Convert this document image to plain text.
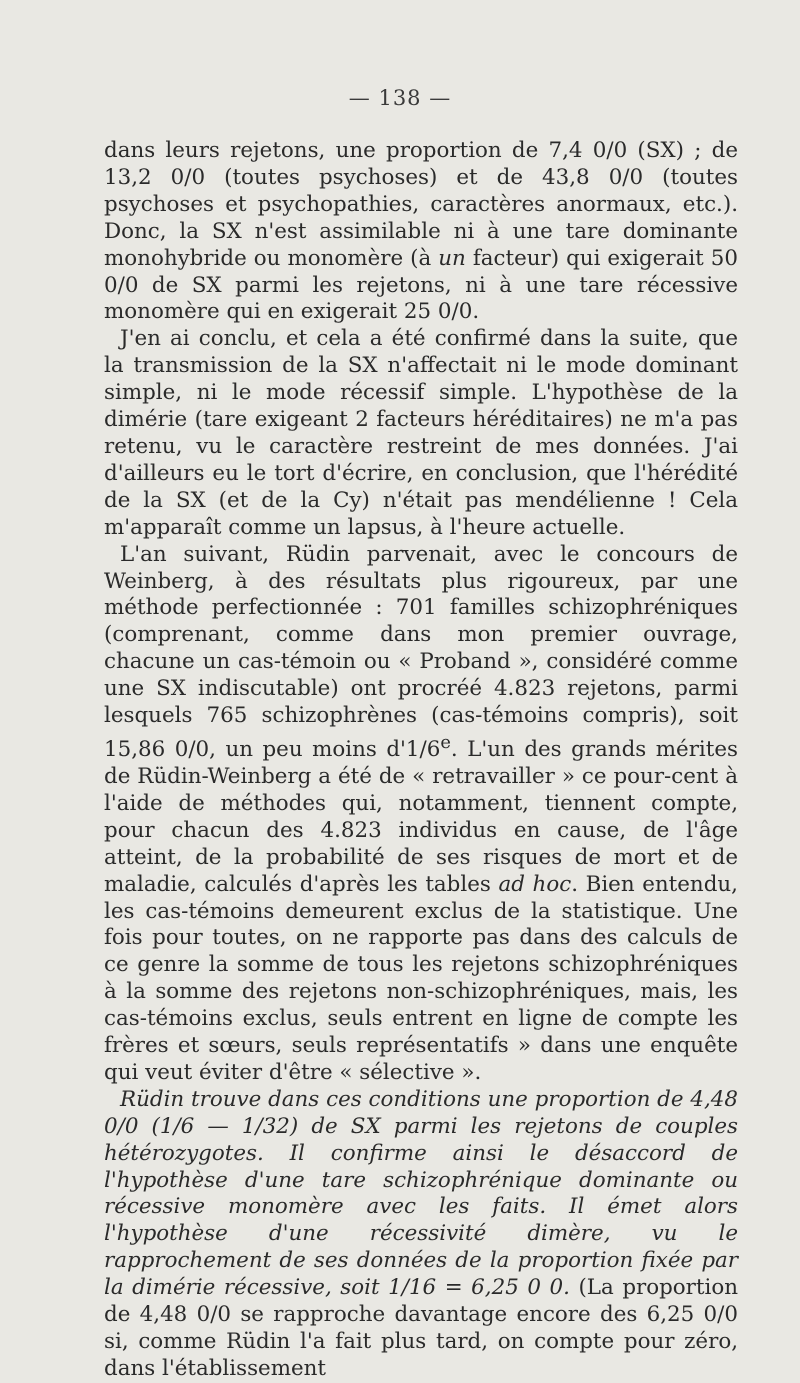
— 138 —

dans leurs rejetons, une proportion de 7,4 0/0 (SX) ; de 13,2 0/0 (toutes psychoses) et de 43,8 0/0 (toutes psychoses et psychopathies, caractères anormaux, etc.). Donc, la SX n'est assimilable ni à une tare dominante monohybride ou monomère (à un facteur) qui exigerait 50 0/0 de SX parmi les rejetons, ni à une tare récessive monomère qui en exigerait 25 0/0.

J'en ai conclu, et cela a été confirmé dans la suite, que la transmission de la SX n'affectait ni le mode dominant simple, ni le mode récessif simple. L'hypothèse de la dimérie (tare exigeant 2 facteurs héréditaires) ne m'a pas retenu, vu le caractère restreint de mes données. J'ai d'ailleurs eu le tort d'écrire, en conclusion, que l'hérédité de la SX (et de la Cy) n'était pas mendélienne ! Cela m'apparaît comme un lapsus, à l'heure actuelle.

L'an suivant, Rüdin parvenait, avec le concours de Weinberg, à des résultats plus rigoureux, par une méthode perfectionnée : 701 familles schizophréniques (comprenant, comme dans mon premier ouvrage, chacune un cas-témoin ou « Proband », considéré comme une SX indiscutable) ont procréé 4.823 rejetons, parmi lesquels 765 schizophrènes (cas-témoins compris), soit 15,86 0/0, un peu moins d'1/6e. L'un des grands mérites de Rüdin-Weinberg a été de « retravailler » ce pour-cent à l'aide de méthodes qui, notamment, tiennent compte, pour chacun des 4.823 individus en cause, de l'âge atteint, de la probabilité de ses risques de mort et de maladie, calculés d'après les tables ad hoc. Bien entendu, les cas-témoins demeurent exclus de la statistique. Une fois pour toutes, on ne rapporte pas dans des calculs de ce genre la somme de tous les rejetons schizophréniques à la somme des rejetons non-schizophréniques, mais, les cas-témoins exclus, seuls entrent en ligne de compte les frères et sœurs, seuls représentatifs » dans une enquête qui veut éviter d'être « sélective ».

Rüdin trouve dans ces conditions une proportion de 4,48 0/0 (1/6 — 1/32) de SX parmi les rejetons de couples hétérozygotes. Il confirme ainsi le désaccord de l'hypothèse d'une tare schizophrénique dominante ou récessive monomère avec les faits. Il émet alors l'hypothèse d'une récessivité dimère, vu le rapprochement de ses données de la proportion fixée par la dimérie récessive, soit 1/16 = 6,25 0 0. (La proportion de 4,48 0/0 se rapproche davantage encore des 6,25 0/0 si, comme Rüdin l'a fait plus tard, on compte pour zéro, dans l'établissement
